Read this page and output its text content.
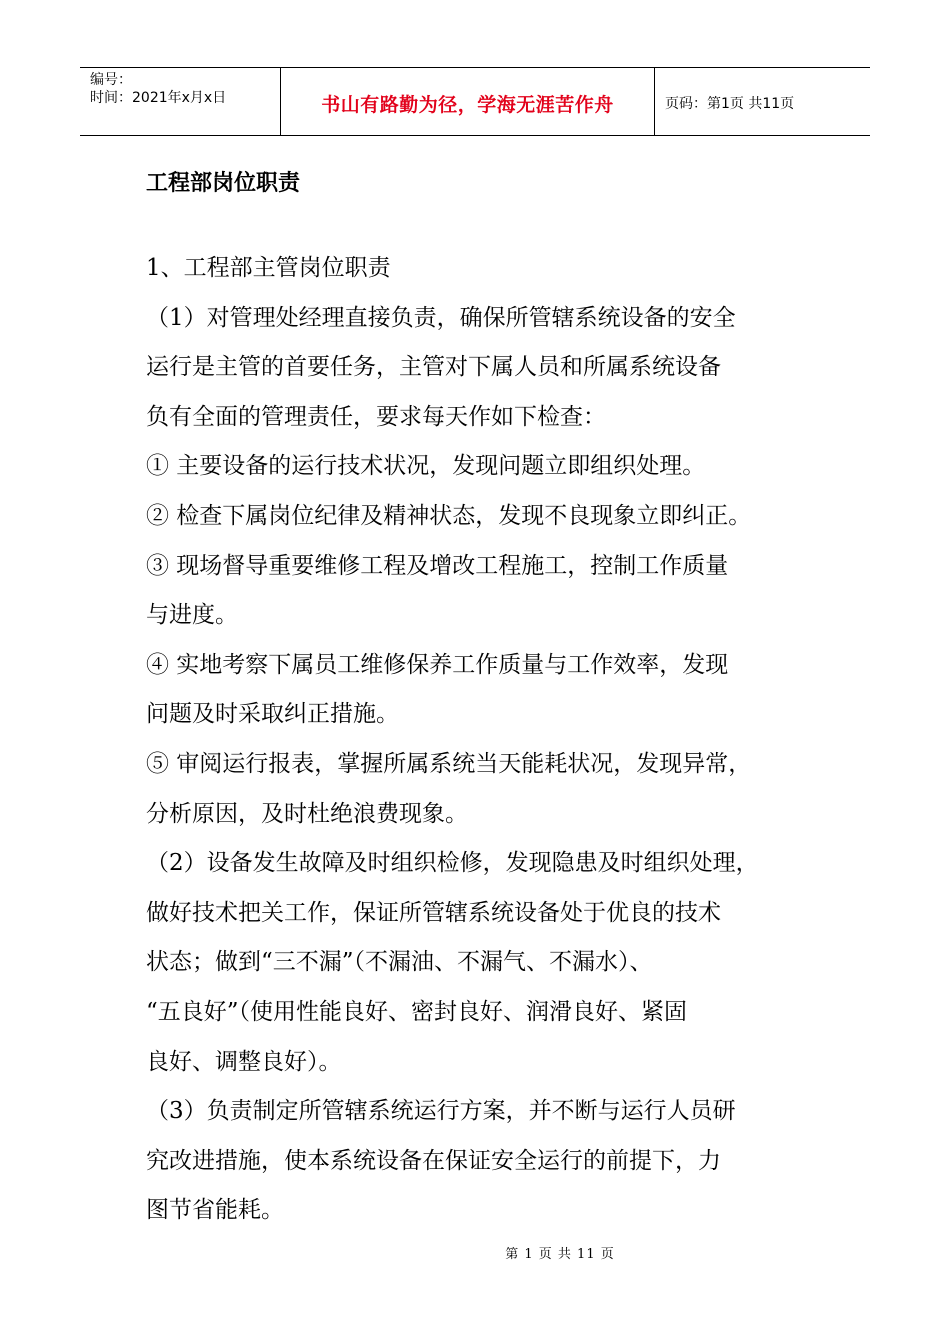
编号：
时间：2021年x月x日	书山有路勤为径，学海无涯苦作舟	页码：第1页 共11页
工程部岗位职责

1、工程部主管岗位职责

（1）对管理处经理直接负责，确保所管辖系统设备的安全

运行是主管的首要任务，主管对下属人员和所属系统设备

负有全面的管理责任，要求每天作如下检查：

① 主要设备的运行技术状况，发现问题立即组织处理。

② 检查下属岗位纪律及精神状态，发现不良现象立即纠正。

③ 现场督导重要维修工程及增改工程施工，控制工作质量

与进度。

④ 实地考察下属员工维修保养工作质量与工作效率，发现

问题及时采取纠正措施。

⑤ 审阅运行报表，掌握所属系统当天能耗状况，发现异常，

分析原因，及时杜绝浪费现象。

（2）设备发生故障及时组织检修，发现隐患及时组织处理，

做好技术把关工作，保证所管辖系统设备处于优良的技术

状态；做到“三不漏”（不漏油、不漏气、不漏水）、

“五良好”（使用性能良好、密封良好、润滑良好、紧固

良好、调整良好）。

（3）负责制定所管辖系统运行方案，并不断与运行人员研

究改进措施，使本系统设备在保证安全运行的前提下，力

图节省能耗。

第 1 页 共 11 页
